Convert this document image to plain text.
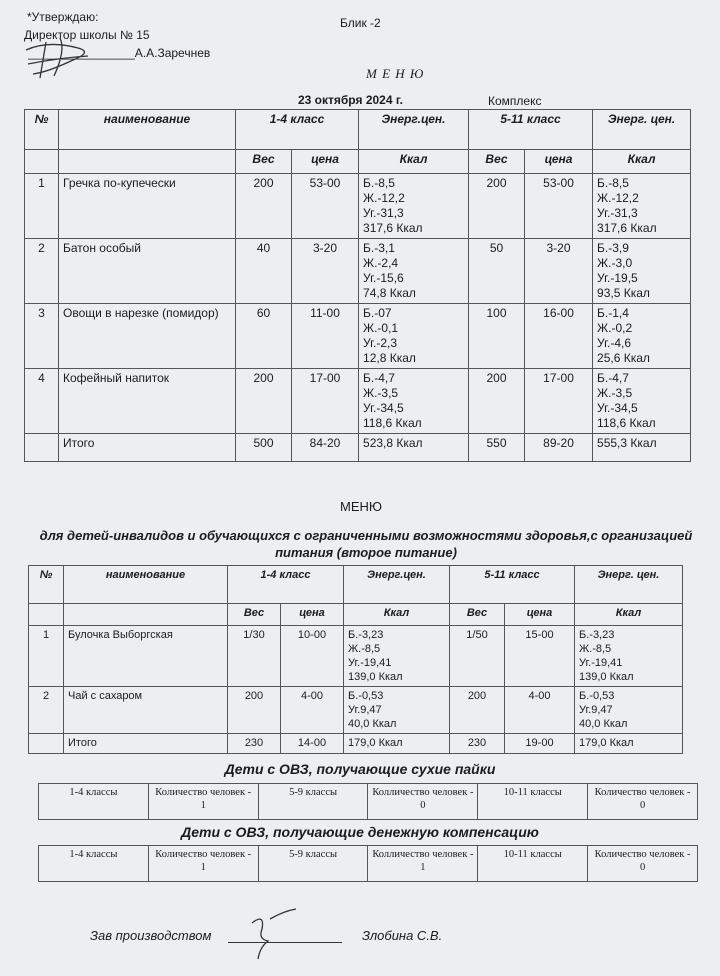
*Утверждаю:
Директор школы № 15
________________А.А.Заречнев
Блик -2
М Е Н Ю
23 октября 2024 г.	Комплекс
№	наименование	1-4 класс		Энерг.цен.	5-11 класс		Энерг. цен.
		Вес	цена	Ккал	Вес	цена	Ккал
1	Гречка по-купечески	200	53-00	Б.-8,5
Ж.-12,2
Уг.-31,3
317,6 Ккал	200	53-00	Б.-8,5
Ж.-12,2
Уг.-31,3
317,6 Ккал
2	Батон особый	40	3-20	Б.-3,1
Ж.-2,4
Уг.-15,6
74,8 Ккал	50	3-20	Б.-3,9
Ж.-3,0
Уг.-19,5
93,5 Ккал
3	Овощи в нарезке (помидор)	60	11-00	Б.-07
Ж.-0,1
Уг.-2,3
12,8 Ккал	100	16-00	Б.-1,4
Ж.-0,2
Уг.-4,6
25,6 Ккал
4	Кофейный напиток	200	17-00	Б.-4,7
Ж.-3,5
Уг.-34,5
118,6 Ккал	200	17-00	Б.-4,7
Ж.-3,5
Уг.-34,5
118,6 Ккал
	Итого	500	84-20	523,8 Ккал	550	89-20	555,3 Ккал
МЕНЮ
для детей-инвалидов и обучающихся с ограниченными возможностями здоровья,с организацией питания (второе питание)
№	наименование	1-4 класс		Энерг.цен.	5-11 класс		Энерг. цен.
		Вес	цена	Ккал	Вес	цена	Ккал
1	Булочка Выборгская	1/30	10-00	Б.-3,23
Ж.-8,5
Уг.-19,41
139,0 Ккал	1/50	15-00	Б.-3,23
Ж.-8,5
Уг.-19,41
139,0 Ккал
2	Чай с сахаром	200	4-00	Б.-0,53
Уг.9,47
40,0 Ккал	200	4-00	Б.-0,53
Уг.9,47
40,0 Ккал
	Итого	230	14-00	179,0 Ккал	230	19-00	179,0 Ккал
Дети с ОВЗ, получающие сухие пайки
1-4 классы	Количество человек - 1	5-9 классы	Колличество человек - 0	10-11 классы	Количество человек - 0
Дети с ОВЗ, получающие денежную компенсацию
1-4 классы	Количество человек - 1	5-9 классы	Колличество человек - 1	10-11 классы	Количество человек - 0
Зав производством	Злобина С.В.
